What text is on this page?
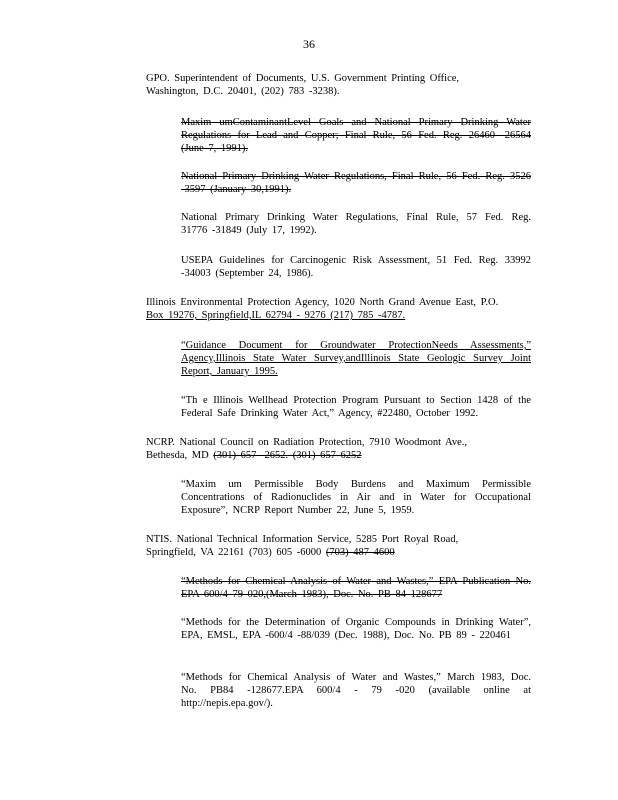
36
GPO. Superintendent of Documents, U.S. Government Printing Office,
Washington, D.C. 20401, (202) 783 -3238).
Maxim umContaminantLevel Goals and National Primary Drinking Water Regulations for Lead and Copper; Final Rule, 56 Fed. Reg. 26460 -26564 (June 7, 1991).
National Primary Drinking Water Regulations, Final Rule, 56 Fed. Reg. 3526 -3597 (January 30,1991).
National Primary Drinking Water Regulations, Final Rule, 57 Fed. Reg. 31776 -31849 (July 17, 1992).
USEPA Guidelines for Carcinogenic Risk Assessment, 51 Fed. Reg. 33992 -34003 (September 24, 1986).
Illinois Environmental Protection Agency, 1020 North Grand Avenue East, P.O.
Box 19276, Springfield,IL 62794 - 9276 (217) 785 -4787.
“Guidance Document for Groundwater ProtectionNeeds Assessments,” Agency,Illinois State Water Survey,andIllinois State Geologic Survey Joint Report, January 1995.
“Th e Illinois Wellhead Protection Program Pursuant to Section 1428 of the Federal Safe Drinking Water Act,” Agency, #22480, October 1992.
NCRP. National Council on Radiation Protection, 7910 Woodmont Ave.,
Bethesda, MD (301) 657 -2652. (301) 657 6252
“Maxim um Permissible Body Burdens and Maximum Permissible Concentrations of Radionuclides in Air and in Water for Occupational Exposure”, NCRP Report Number 22, June 5, 1959.
NTIS. National Technical Information Service, 5285 Port Royal Road,
Springfield, VA 22161 (703) 605 -6000 (703) 487 4600
“Methods for Chemical Analysis of Water and Wastes,” EPA Publication No. EPA 600/4 79 020,(March 1983), Doc. No. PB 84 128677
“Methods for the Determination of Organic Compounds in Drinking Water”, EPA, EMSL, EPA -600/4 -88/039 (Dec. 1988), Doc. No. PB 89 - 220461
“Methods for Chemical Analysis of Water and Wastes,” March 1983, Doc. No. PB84 -128677.EPA 600/4 - 79 -020 (available online at http://nepis.epa.gov/).
